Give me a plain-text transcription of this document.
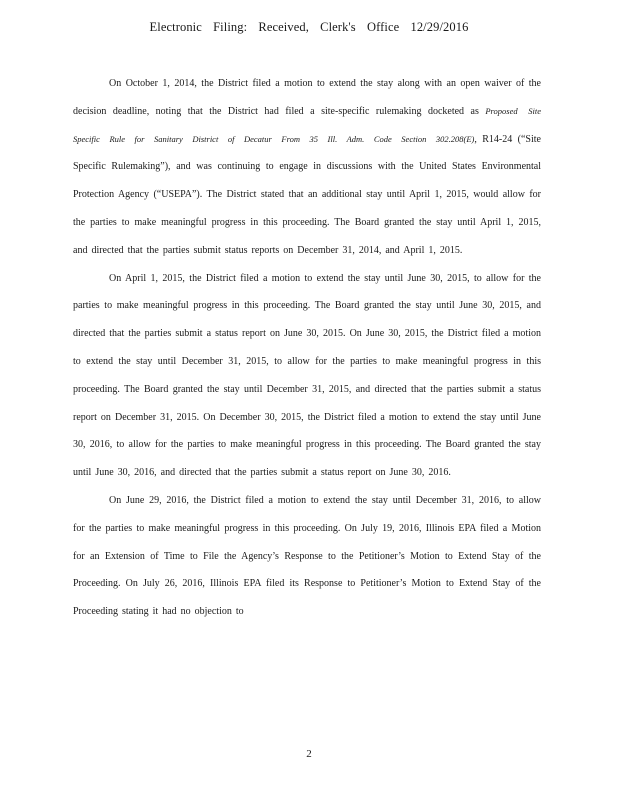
Electronic Filing: Received, Clerk's Office 12/29/2016

On October 1, 2014, the District filed a motion to extend the stay along with an open waiver of the decision deadline, noting that the District had filed a site-specific rulemaking docketed as Proposed Site Specific Rule for Sanitary District of Decatur From 35 Ill. Adm. Code Section 302.208(E), R14-24 (“Site Specific Rulemaking”), and was continuing to engage in discussions with the United States Environmental Protection Agency (“USEPA”). The District stated that an additional stay until April 1, 2015, would allow for the parties to make meaningful progress in this proceeding. The Board granted the stay until April 1, 2015, and directed that the parties submit status reports on December 31, 2014, and April 1, 2015.

On April 1, 2015, the District filed a motion to extend the stay until June 30, 2015, to allow for the parties to make meaningful progress in this proceeding. The Board granted the stay until June 30, 2015, and directed that the parties submit a status report on June 30, 2015. On June 30, 2015, the District filed a motion to extend the stay until December 31, 2015, to allow for the parties to make meaningful progress in this proceeding. The Board granted the stay until December 31, 2015, and directed that the parties submit a status report on December 31, 2015. On December 30, 2015, the District filed a motion to extend the stay until June 30, 2016, to allow for the parties to make meaningful progress in this proceeding. The Board granted the stay until June 30, 2016, and directed that the parties submit a status report on June 30, 2016.

On June 29, 2016, the District filed a motion to extend the stay until December 31, 2016, to allow for the parties to make meaningful progress in this proceeding. On July 19, 2016, Illinois EPA filed a Motion for an Extension of Time to File the Agency’s Response to the Petitioner’s Motion to Extend Stay of the Proceeding. On July 26, 2016, Illinois EPA filed its Response to Petitioner’s Motion to Extend Stay of the Proceeding stating it had no objection to

2
